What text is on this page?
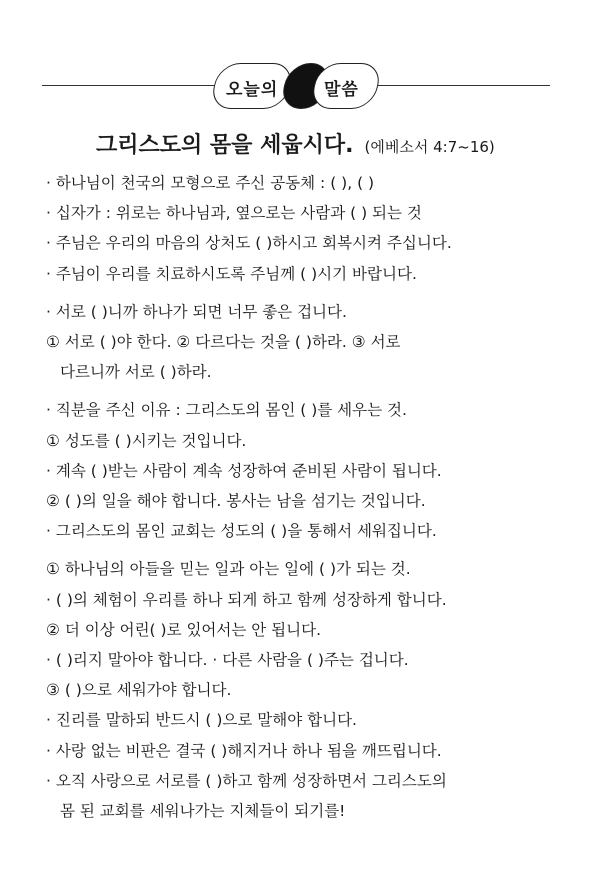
오늘의	말씀
그리스도의 몸을 세웁시다. (에베소서 4:7~16)
· 하나님이 천국의 모형으로 주신 공동체 : ( ), ( )
· 십자가 : 위로는 하나님과, 옆으로는 사람과 ( ) 되는 것
· 주님은 우리의 마음의 상처도 ( )하시고 회복시켜 주십니다.
· 주님이 우리를 치료하시도록 주님께 ( )시기 바랍니다.
· 서로 ( )니까 하나가 되면 너무 좋은 겁니다.
① 서로 ( )야 한다. ② 다르다는 것을 ( )하라. ③ 서로
다르니까 서로 ( )하라.
· 직분을 주신 이유 : 그리스도의 몸인 ( )를 세우는 것.
① 성도를 ( )시키는 것입니다.
· 계속 ( )받는 사람이 계속 성장하여 준비된 사람이 됩니다.
② ( )의 일을 해야 합니다. 봉사는 남을 섬기는 것입니다.
· 그리스도의 몸인 교회는 성도의 ( )을 통해서 세워집니다.
① 하나님의 아들을 믿는 일과 아는 일에 ( )가 되는 것.
· ( )의 체험이 우리를 하나 되게 하고 함께 성장하게 합니다.
② 더 이상 어린( )로 있어서는 안 됩니다.
· ( )리지 말아야 합니다. · 다른 사람을 ( )주는 겁니다.
③ ( )으로 세워가야 합니다.
· 진리를 말하되 반드시 ( )으로 말해야 합니다.
· 사랑 없는 비판은 결국 ( )해지거나 하나 됨을 깨뜨립니다.
· 오직 사랑으로 서로를 ( )하고 함께 성장하면서 그리스도의
몸 된 교회를 세워나가는 지체들이 되기를!
